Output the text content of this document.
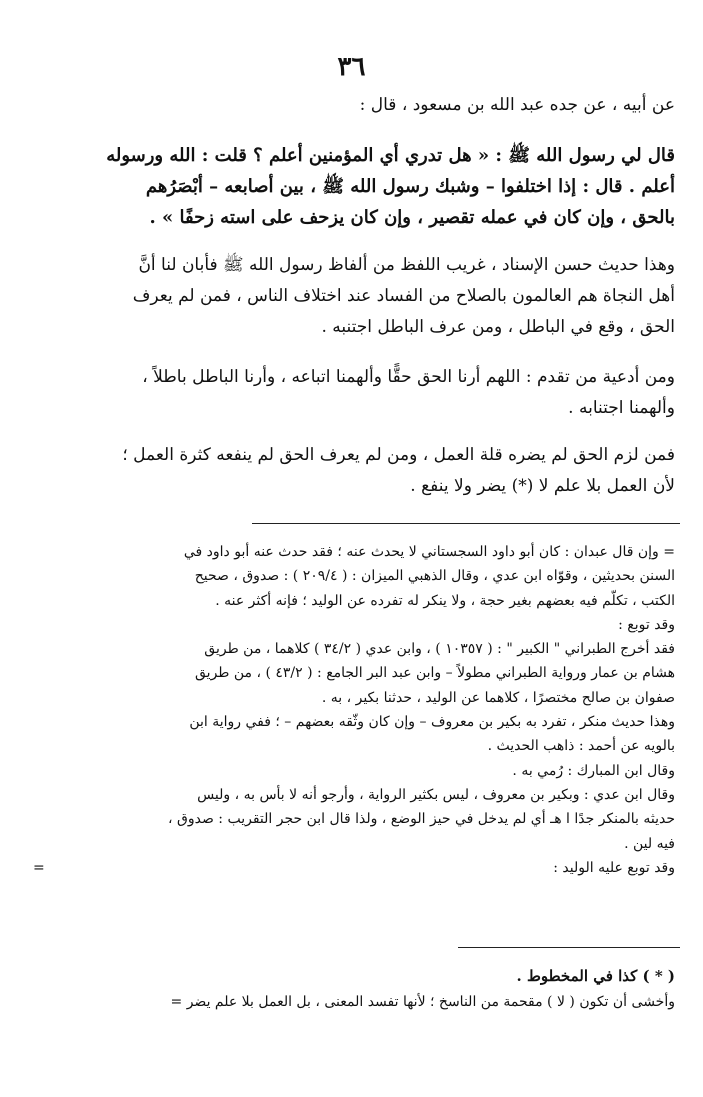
٣٦
عن أبيه ، عن جده عبد الله بن مسعود ، قال :
قال لي رسول الله ﷺ : « هل تدري أي المؤمنين أعلم ؟ قلت : الله ورسوله
أعلم . قال : إذا اختلفوا – وشبك رسول الله ﷺ ، بين أصابعه – أبْصَرُهم
بالحق ، وإن كان في عمله تقصير ، وإن كان يزحف على استه زحفًا » .
وهذا حديث حسن الإسناد ، غريب اللفظ من ألفاظ رسول الله ﷺ فأبان لنا أنَّ
أهل النجاة هم العالمون بالصلاح من الفساد عند اختلاف الناس ، فمن لم يعرف
الحق ، وقع في الباطل ، ومن عرف الباطل اجتنبه .
ومن أدعية من تقدم : اللهم أرنا الحق حقًّا وألهمنا اتباعه ، وأرنا الباطل باطلاً ،
وألهمنا اجتنابه .
فمن لزم الحق لم يضره قلة العمل ، ومن لم يعرف الحق لم ينفعه كثرة العمل ؛
لأن العمل بلا علم لا (*) يضر ولا ينفع .
= وإن قال عبدان : كان أبو داود السجستاني لا يحدث عنه ؛ فقد حدث عنه أبو داود في
السنن بحديثين ، وقوّاه ابن عدي ، وقال الذهبي الميزان : ( ٢٠٩/٤ ) : صدوق ، صحيح
الكتب ، تكلّم فيه بعضهم بغير حجة ، ولا ينكر له تفرده عن الوليد ؛ فإنه أكثر عنه .
وقد توبع :
فقد أخرج الطبراني " الكبير " : ( ١٠٣٥٧ ) ، وابن عدي ( ٣٤/٢ ) كلاهما ، من طريق
هشام بن عمار ورواية الطبراني مطولاً – وابن عبد البر الجامع : ( ٤٣/٢ ) ، من طريق
صفوان بن صالح مختصرًا ، كلاهما عن الوليد ، حدثنا بكير ، به .
وهذا حديث منكر ، تفرد به بكير بن معروف – وإن كان وثّقه بعضهم – ؛ ففي رواية ابن
بالويه عن أحمد : ذاهب الحديث .
وقال ابن المبارك : رُمي به .
وقال ابن عدي : وبكير بن معروف ، ليس بكثير الرواية ، وأرجو أنه لا بأس به ، وليس
حديثه بالمنكر جدًا ا هـ أي لم يدخل في حيز الوضع ، ولذا قال ابن حجر التقريب : صدوق ،
فيه لين .
وقد توبع عليه الوليد :
=
( * ) كذا في المخطوط .
وأخشى أن تكون ( لا ) مقحمة من الناسخ ؛ لأنها تفسد المعنى ، بل العمل بلا علم يضر =
